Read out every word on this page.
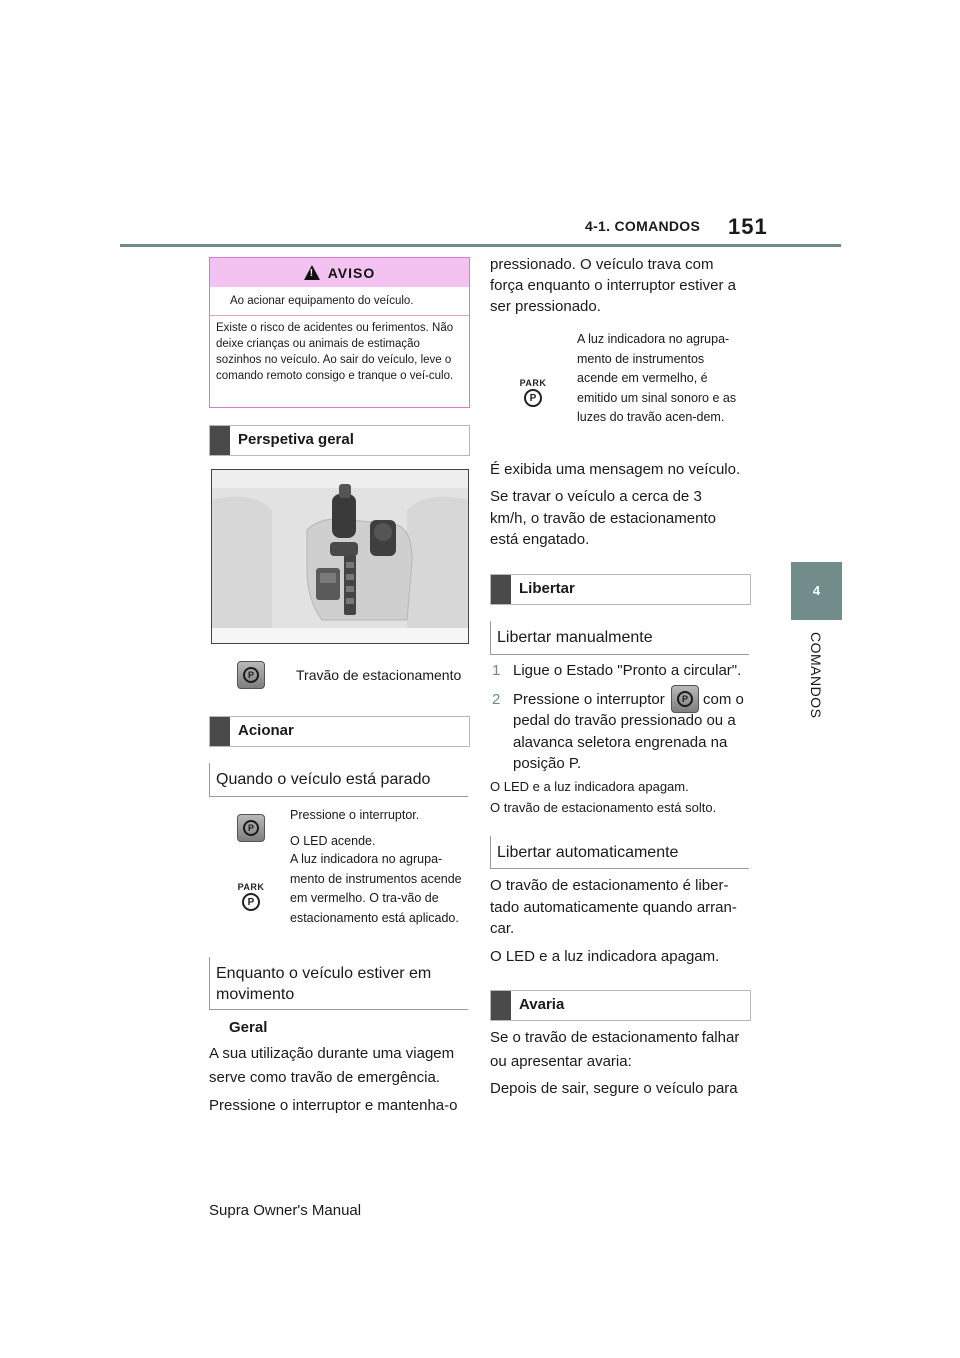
4-1. COMANDOS 151
4
COMANDOS
! AVISO
Ao acionar equipamento do veículo.
Existe o risco de acidentes ou ferimentos. Não deixe crianças ou animais de estimação sozinhos no veículo. Ao sair do veículo, leve o comando remoto consigo e tranque o veí-culo.
Perspetiva geral
P	Travão de estacionamento
Acionar
Quando o veículo está parado
P
PARK
P
Pressione o interruptor.
O LED acende.
A luz indicadora no agrupa-mento de instrumentos acende em vermelho. O tra-vão de estacionamento está aplicado.
Enquanto o veículo estiver em movimento
Geral
A sua utilização durante uma viagem serve como travão de emergência.
Pressione o interruptor e mantenha-o
pressionado. O veículo trava com força enquanto o interruptor estiver a ser pressionado.
PARK
P
A luz indicadora no agrupa-mento de instrumentos acende em vermelho, é emitido um sinal sonoro e as luzes do travão acen-dem.
É exibida uma mensagem no veículo.
Se travar o veículo a cerca de 3 km/h, o travão de estacionamento está engatado.
Libertar
Libertar manualmente
1 Ligue o Estado "Pronto a circular".
2 Pressione o interruptor	P	com o
pedal do travão pressionado ou a alavanca seletora engrenada na posição P.
O LED e a luz indicadora apagam.
O travão de estacionamento está solto.
Libertar automaticamente
O travão de estacionamento é liber-tado automaticamente quando arran-car.
O LED e a luz indicadora apagam.
Avaria
Se o travão de estacionamento falhar ou apresentar avaria:
Depois de sair, segure o veículo para
Supra Owner's Manual
